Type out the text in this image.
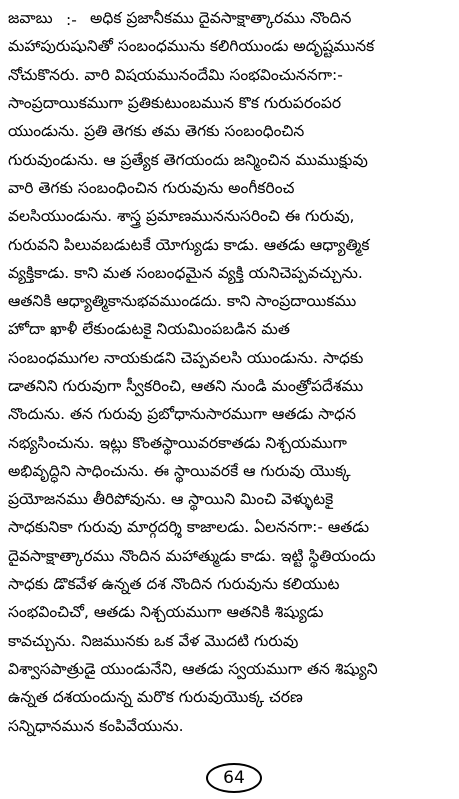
జవాబు :- అధిక ప్రజానీకము దైవసాక్షాత్కారము నొందిన
మహాపురుషునితో సంబంధమును కలిగియుండు అదృష్టమునక
నోచుకొనరు. వారి విషయమునందేమి సంభవించుననగా:-
సాంప్రదాయికముగా ప్రతికుటుంబమున కొక గురుపరంపర
యుండును. ప్రతి తెగకు తమ తెగకు సంబంధించిన
గురువుండును. ఆ ప్రత్యేక తెగయందు జన్మించిన ముముక్షువు
వారి తెగకు సంబంధించిన గురువును అంగీకరించ
వలసియుండును. శాస్త్ర ప్రమాణముననుసరించి ఈ గురువు,
గురువని పిలువబడుటకే యోగ్యుడు కాడు. ఆతడు ఆధ్యాత్మిక
వ్యక్తికాడు. కాని మత సంబంధమైన వ్యక్తి యనిచెప్పవచ్చును.
ఆతనికి ఆధ్యాత్మికానుభవముండదు. కాని సాంప్రదాయికము
హోదా ఖాళీ లేకుండుటకై నియమింపబడిన మత
సంబంధముగల నాయకుడని చెప్పవలసి యుండును. సాధకు
డాతనిని గురువుగా స్వీకరించి, ఆతని నుండి మంత్రోపదేశము
నొందును. తన గురువు ప్రబోధానుసారముగా ఆతడు సాధన
నభ్యసించును. ఇట్లు కొంతస్థాయివరకాతడు నిశ్చయముగా
అభివృద్ధిని సాధించును. ఈ స్థాయివరకే ఆ గురువు యొక్క
ప్రయోజనము తీరిపోవును. ఆ స్థాయిని మించి వెళ్ళుటకై
సాధకునికా గురువు మార్గదర్శి కాజాలడు. ఏలననగా:- ఆతడు
దైవసాక్షాత్కారము నొందిన మహాత్ముడు కాడు. ఇట్టి స్థితియందు
సాధకు డొకవేళ ఉన్నత దశ నొందిన గురువును కలియుట
సంభవించిచో, ఆతడు నిశ్చయముగా ఆతనికి శిష్యుడు
కావచ్చును. నిజమునకు ఒక వేళ మొదటి గురువు
విశ్వాసపాత్రుడై యుండునేని, ఆతడు స్వయముగా తన శిష్యుని
ఉన్నత దశయందున్న మరొక గురువుయొక్క చరణ
సన్నిధానమున కంపివేయును.
64
